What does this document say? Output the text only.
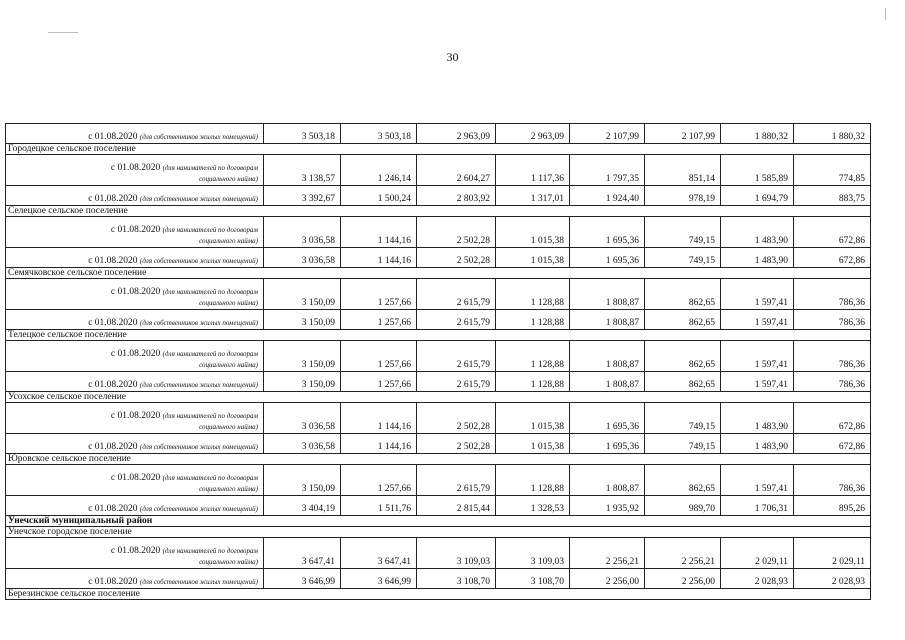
30
с 01.08.2020 (для собственников жилых помещений)	3 503,18	3 503,18	2 963,09	2 963,09	2 107,99	2 107,99	1 880,32	1 880,32
Городецкое сельское поселение								
с 01.08.2020 (для нанимателей по договорам
социального найма)	3 138,57	1 246,14	2 604,27	1 117,36	1 797,35	851,14	1 585,89	774,85
с 01.08.2020 (для собственников жилых помещений)	3 392,67	1 500,24	2 803,92	1 317,01	1 924,40	978,19	1 694,79	883,75
Селецкое сельское поселение								
с 01.08.2020 (для нанимателей по договорам
социального найма)	3 036,58	1 144,16	2 502,28	1 015,38	1 695,36	749,15	1 483,90	672,86
с 01.08.2020 (для собственников жилых помещений)	3 036,58	1 144,16	2 502,28	1 015,38	1 695,36	749,15	1 483,90	672,86
Семячковское сельское поселение								
с 01.08.2020 (для нанимателей по договорам
социального найма)	3 150,09	1 257,66	2 615,79	1 128,88	1 808,87	862,65	1 597,41	786,36
с 01.08.2020 (для собственников жилых помещений)	3 150,09	1 257,66	2 615,79	1 128,88	1 808,87	862,65	1 597,41	786,36
Телецкое сельское поселение								
с 01.08.2020 (для нанимателей по договорам
социального найма)	3 150,09	1 257,66	2 615,79	1 128,88	1 808,87	862,65	1 597,41	786,36
с 01.08.2020 (для собственников жилых помещений)	3 150,09	1 257,66	2 615,79	1 128,88	1 808,87	862,65	1 597,41	786,36
Усохское сельское поселение								
с 01.08.2020 (для нанимателей по договорам
социального найма)	3 036,58	1 144,16	2 502,28	1 015,38	1 695,36	749,15	1 483,90	672,86
с 01.08.2020 (для собственников жилых помещений)	3 036,58	1 144,16	2 502,28	1 015,38	1 695,36	749,15	1 483,90	672,86
Юровское сельское поселение								
с 01.08.2020 (для нанимателей по договорам
социального найма)	3 150,09	1 257,66	2 615,79	1 128,88	1 808,87	862,65	1 597,41	786,36
с 01.08.2020 (для собственников жилых помещений)	3 404,19	1 511,76	2 815,44	1 328,53	1 935,92	989,70	1 706,31	895,26
Унечский муниципальный район								
Унечское городское поселение								
с 01.08.2020 (для нанимателей по договорам
социального найма)	3 647,41	3 647,41	3 109,03	3 109,03	2 256,21	2 256,21	2 029,11	2 029,11
с 01.08.2020 (для собственников жилых помещений)	3 646,99	3 646,99	3 108,70	3 108,70	2 256,00	2 256,00	2 028,93	2 028,93
Березинское сельское поселение								
